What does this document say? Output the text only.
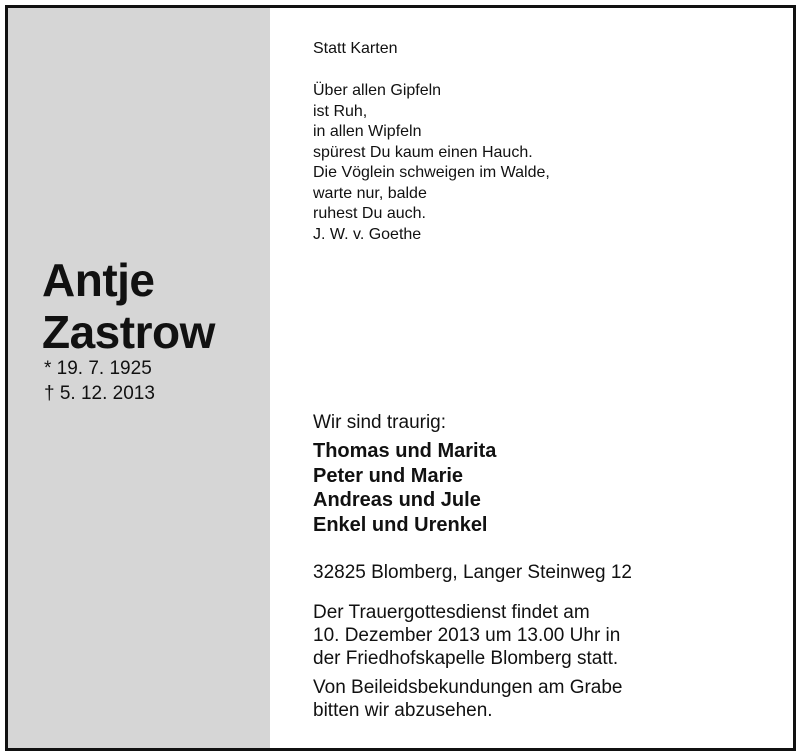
Antje
Zastrow
* 19. 7. 1925
† 5. 12. 2013
Statt Karten
Über allen Gipfeln
ist Ruh,
in allen Wipfeln
spürest Du kaum einen Hauch.
Die Vöglein schweigen im Walde,
warte nur, balde
ruhest Du auch.
J. W. v. Goethe
Wir sind traurig:
Thomas und Marita
Peter und Marie
Andreas und Jule
Enkel und Urenkel
32825 Blomberg, Langer Steinweg 12
Der Trauergottesdienst findet am
10. Dezember 2013 um 13.00 Uhr in
der Friedhofskapelle Blomberg statt.
Von Beileidsbekundungen am Grabe
bitten wir abzusehen.
